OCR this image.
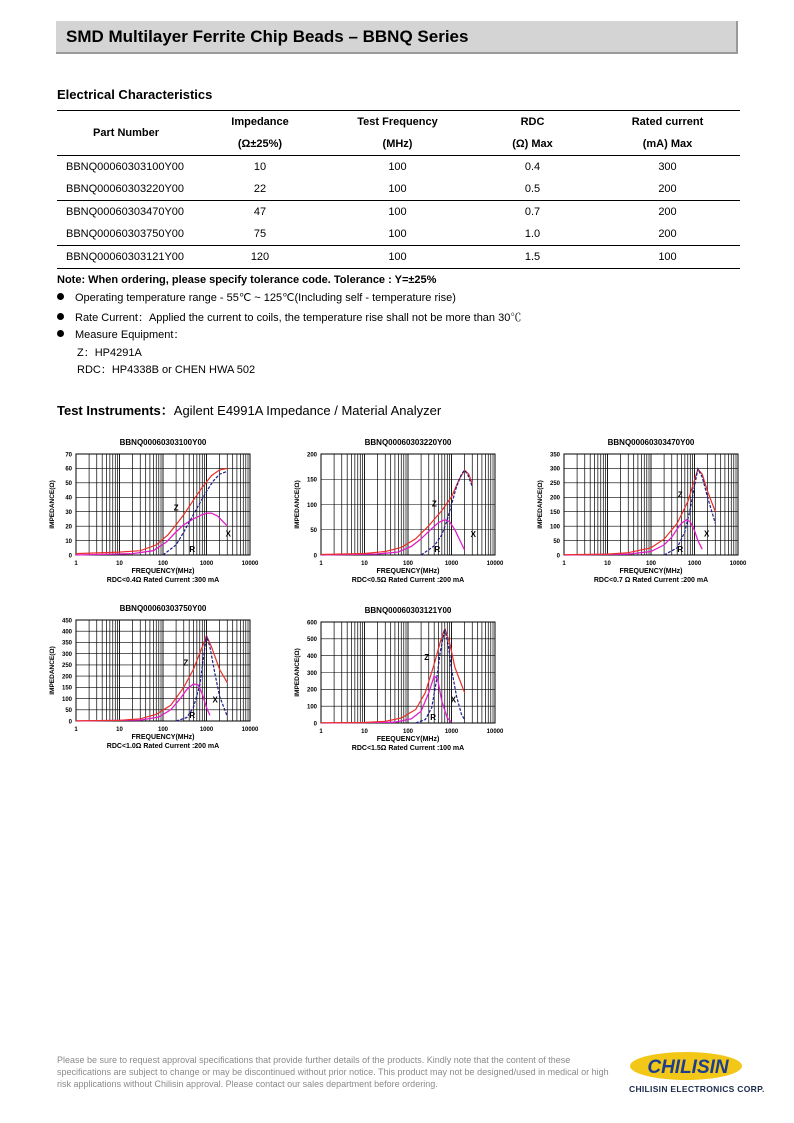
SMD Multilayer Ferrite Chip Beads – BBNQ Series
Electrical Characteristics
Part Number	Impedance	Test Frequency	RDC	Rated current
	(Ω±25%)	(MHz)	(Ω) Max	(mA) Max
BBNQ00060303100Y00	10	100	0.4	300
BBNQ00060303220Y00	22	100	0.5	200
BBNQ00060303470Y00	47	100	0.7	200
BBNQ00060303750Y00	75	100	1.0	200
BBNQ00060303121Y00	120	100	1.5	100
Note: When ordering, please specify tolerance code. Tolerance : Y=±25%
Operating temperature range - 55℃ ~ 125℃(Including self - temperature rise)
Rate Current：Applied the current to coils, the temperature rise shall not be more than 30℃
Measure Equipment：
Z：HP4291A
RDC：HP4338B or CHEN HWA 502
Test Instruments：Agilent E4991A Impedance / Material Analyzer
BBNQ00060303100Y00
0
10
20
30
40
50
60
70
1	10	100	1000	10000
FREQUENCY(MHz)
RDC<0.4Ω Rated Current :300 mA
IMPEDANCE(Ω)	Z
R
X
BBNQ00060303220Y00
0
50
100
150
200
1	10	100	1000	10000
FREQUENCY(MHz)
RDC<0.5Ω Rated Current :200 mA
IMPEDANCE(Ω)	Z
R
X
BBNQ00060303470Y00
0
50
100
150
200
250
300
350
1	10	100	1000	10000
FREQUENCY(MHz)
RDC<0.7 Ω Rated Current :200 mA
IMPEDANCE(Ω)	Z
R
X
BBNQ00060303750Y00
0
50
100
150
200
250
300
350
400
450
1	10	100	1000	10000
FREQUENCY(MHz)
RDC<1.0Ω Rated Current :200 mA
IMPEDANCE(Ω)	Z
R
X
BBNQ00060303121Y00
0
100
200
300
400
500
600
1	10	100	1000	10000
FEEQUENCY(MHz)
RDC<1.5Ω Rated Current :100 mA
IMPEDANCE(Ω)	Z
R
X
Please be sure to request approval specifications that provide further details of the products. Kindly note that the content of these specifications are subject to change or may be discontinued without prior notice. This product may not be designed/used in medical or high risk applications without Chilisin approval. Please contact our sales department before ordering.
CHILISIN
CHILISIN ELECTRONICS CORP.
